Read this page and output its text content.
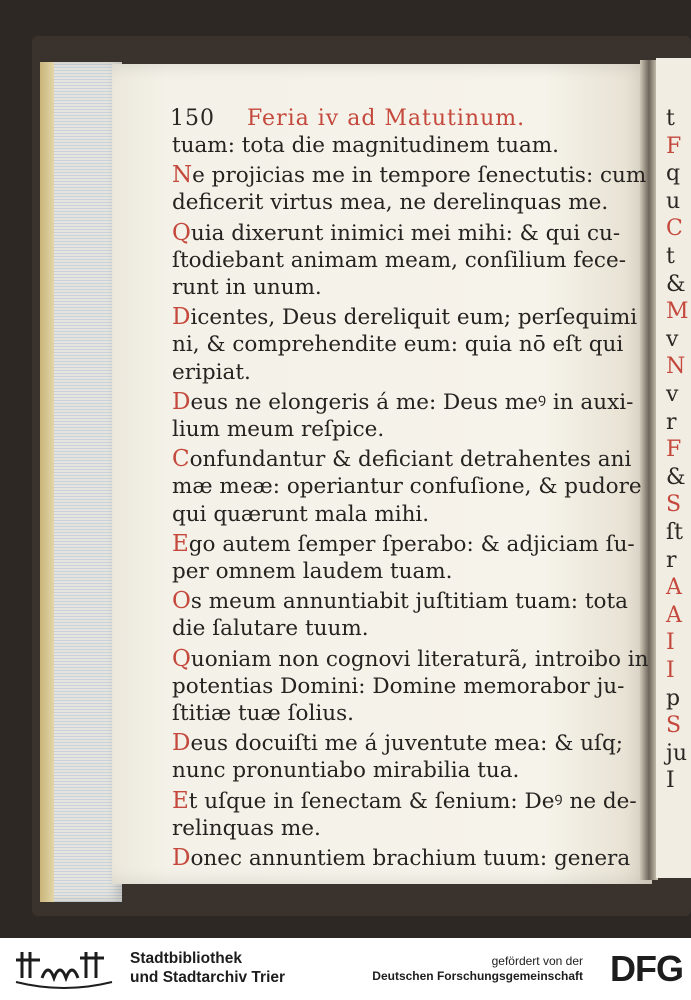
t
F
q
u
C
t
&
M
v
N
v
r
F
&
S
ſt
r
A
A
I
I
p
S
ju
I
150 Feria iv ad Matutinum.
tuam: tota die magnitudinem tuam.
Ne projicias me in tempore ſenectutis: cum
deficerit virtus mea, ne derelinquas me.
Quia dixerunt inimici mei mihi: & qui cu-
ſtodiebant animam meam, conſilium fece-
runt in unum.
Dicentes, Deus dereliquit eum; perſequimi
ni, & comprehendite eum: quia nō eſt qui
eripiat.
Deus ne elongeris á me: Deus meꝰ in auxi-
lium meum reſpice.
Confundantur & deficiant detrahentes ani
mæ meæ: operiantur confuſione, & pudore
qui quærunt mala mihi.
Ego autem ſemper ſperabo: & adjiciam ſu-
per omnem laudem tuam.
Os meum annuntiabit juſtitiam tuam: tota
die ſalutare tuum.
Quoniam non cognovi literaturã, introibo in
potentias Domini: Domine memorabor ju-
ſtitiæ tuæ ſolius.
Deus docuiſti me á juventute mea: & uſq;
nunc pronuntiabo mirabilia tua.
Et uſque in ſenectam & ſenium: Deꝰ ne de-
relinquas me.
Donec annuntiem brachium tuum: genera
Stadtbibliothek
und Stadtarchiv Trier
gefördert von der
Deutschen Forschungsgemeinschaft DFG
